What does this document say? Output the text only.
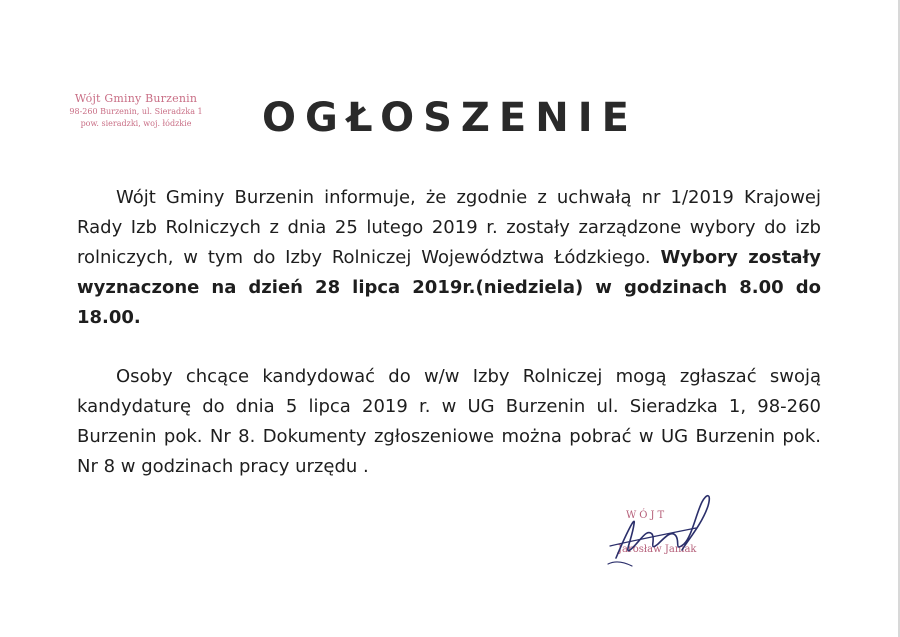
Wójt Gminy Burzenin
98-260 Burzenin, ul. Sieradzka 1
pow. sieradzki, woj. łódzkie	OGŁOSZENIE
Wójt Gminy Burzenin informuje, że zgodnie z uchwałą nr 1/2019 Krajowej Rady Izb Rolniczych z dnia 25 lutego 2019 r. zostały zarządzone wybory do izb rolniczych, w tym do Izby Rolniczej Województwa Łódzkiego. Wybory zostały wyznaczone na dzień 28 lipca 2019r.(niedziela) w godzinach 8.00 do 18.00.
Osoby chcące kandydować do w/w Izby Rolniczej mogą zgłaszać swoją kandydaturę do dnia 5 lipca 2019 r. w UG Burzenin ul. Sieradzka 1, 98-260 Burzenin pok. Nr 8. Dokumenty zgłoszeniowe można pobrać w UG Burzenin pok. Nr 8 w godzinach pracy urzędu .
WÓJT
Jarosław Janiak
